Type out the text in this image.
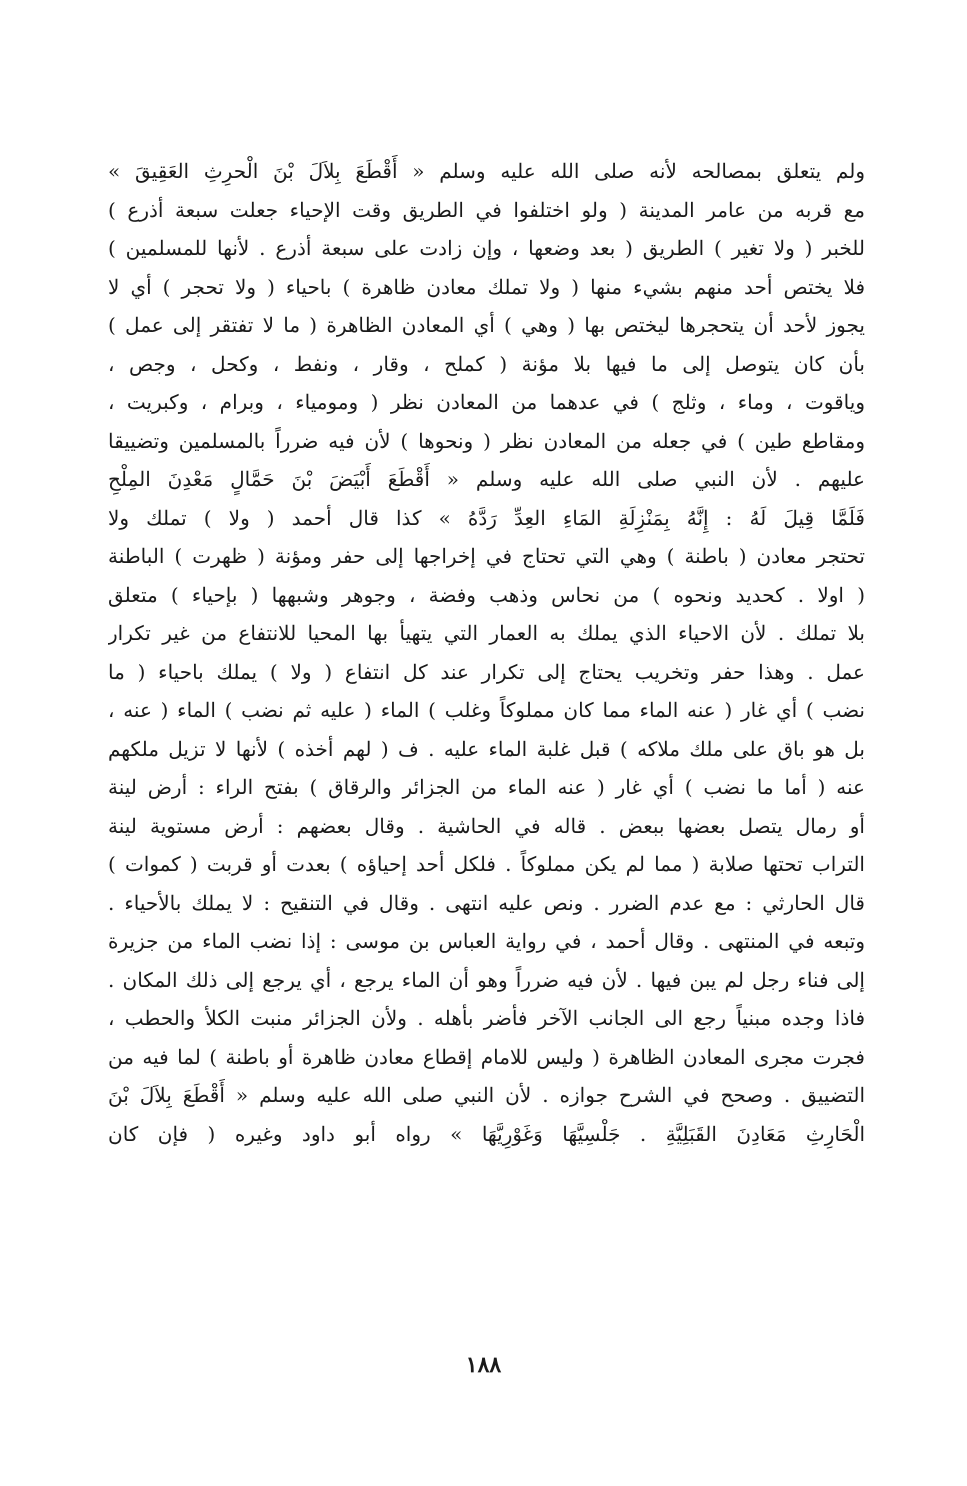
ولم يتعلق بمصالحه لأنه صلى الله عليه وسلم « أَقْطَعَ بِلاَلَ بْنَ الْحرِثِ العَقِيقَ »
مع قربه من عامر المدينة ( ولو اختلفوا في الطريق وقت الإحياء جعلت سبعة أذرع )
للخبر ( ولا تغير ) الطريق ( بعد وضعها ، وإن زادت على سبعة أذرع . لأنها للمسلمين )
فلا يختص أحد منهم بشيء منها ( ولا تملك معادن ظاهرة ) باحياء ( ولا تحجر ) أي لا
يجوز لأحد أن يتحجرها ليختص بها ( وهي ) أي المعادن الظاهرة ( ما لا تفتقر إلى عمل )
بأن كان يتوصل إلى ما فيها بلا مؤنة ( كملح ، وقار ، ونفط ، وكحل ، وجص ،
وياقوت ، وماء ، وثلج ) في عدهما من المعادن نظر ( ومومياء ، وبرام ، وكبريت ،
ومقاطع طين ) في جعله من المعادن نظر ( ونحوها ) لأن فيه ضرراً بالمسلمين وتضييقا
عليهم . لأن النبي صلى الله عليه وسلم « أَقْطَعَ أَبْيَضَ بْنَ حَمَّالٍ مَعْدِنَ المِلْحِ
فَلَمَّا قِيلَ لَهُ : إِنَّهُ بِمَنْزِلَةِ المَاءِ العِدِّ رَدَّهُ » كذا قال أحمد ( ولا ) تملك ولا
تحتجر معادن ( باطنة ) وهي التي تحتاج في إخراجها إلى حفر ومؤنة ( ظهرت ) الباطنة
( اولا . كحديد ونحوه ) من نحاس وذهب وفضة ، وجوهر وشبهها ( بإحياء ) متعلق
بلا تملك . لأن الاحياء الذي يملك به العمار التي يتهيأ بها المحيا للانتفاع من غير تكرار
عمل . وهذا حفر وتخريب يحتاج إلى تكرار عند كل انتفاع ( ولا ) يملك باحياء ( ما
نضب ) أي غار ( عنه الماء مما كان مملوكاً وغلب ) الماء ( عليه ثم نضب ) الماء ( عنه ،
بل هو باق على ملك ملاكه ) قبل غلبة الماء عليه . ف ( لهم أخذه ) لأنها لا تزيل ملكهم
عنه ( أما ما نضب ) أي غار ( عنه الماء من الجزائر والرقاق ) بفتح الراء : أرض لينة
أو رمال يتصل بعضها ببعض . قاله في الحاشية . وقال بعضهم : أرض مستوية لينة
التراب تحتها صلابة ( مما لم يكن مملوكاً . فلكل أحد إحياؤه ) بعدت أو قربت ( كموات )
قال الحارثي : مع عدم الضرر . ونص عليه انتهى . وقال في التنقيح : لا يملك بالأحياء .
وتبعه في المنتهى . وقال أحمد ، في رواية العباس بن موسى : إذا نضب الماء من جزيرة
إلى فناء رجل لم يبن فيها . لأن فيه ضرراً وهو أن الماء يرجع ، أي يرجع إلى ذلك المكان .
فاذا وجده مبنياً رجع الى الجانب الآخر فأضر بأهله . ولأن الجزائر منبت الكلأ والحطب ،
فجرت مجرى المعادن الظاهرة ( وليس للامام إقطاع معادن ظاهرة أو باطنة ) لما فيه من
التضييق . وصحح في الشرح جوازه . لأن النبي صلى الله عليه وسلم « أَقْطَعَ بِلاَلَ بْنَ
الْحَارِثِ مَعَادِنَ القَبَلِيَّةِ . جَلْسِيَّهَا وَغَوْرِيَّهَا » رواه أبو داود وغيره ( فإن كان
١٨٨
